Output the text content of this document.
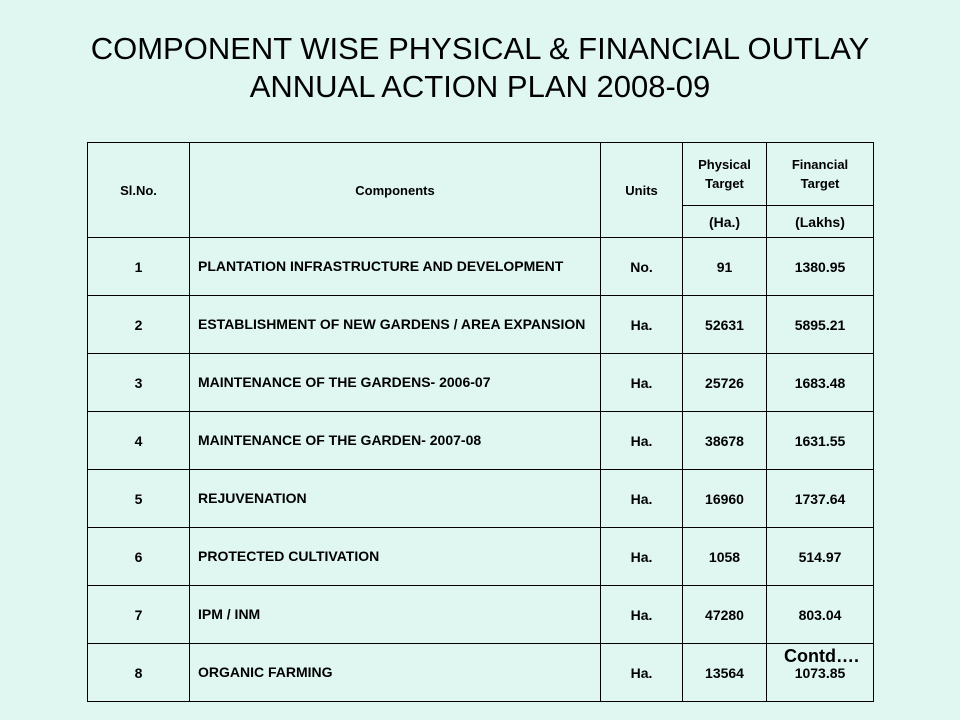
COMPONENT WISE PHYSICAL & FINANCIAL OUTLAY
ANNUAL ACTION PLAN 2008-09
Sl.No.	Components	Units	Physical Target	Financial Target
			(Ha.)	(Lakhs)
1	PLANTATION INFRASTRUCTURE AND DEVELOPMENT	No.	91	1380.95
2	ESTABLISHMENT OF NEW GARDENS / AREA EXPANSION	Ha.	52631	5895.21
3	MAINTENANCE OF THE GARDENS- 2006-07	Ha.	25726	1683.48
4	MAINTENANCE OF THE GARDEN- 2007-08	Ha.	38678	1631.55
5	REJUVENATION	Ha.	16960	1737.64
6	PROTECTED CULTIVATION	Ha.	1058	514.97
7	IPM / INM	Ha.	47280	803.04
8	ORGANIC FARMING	Ha.	13564	1073.85
Contd….
